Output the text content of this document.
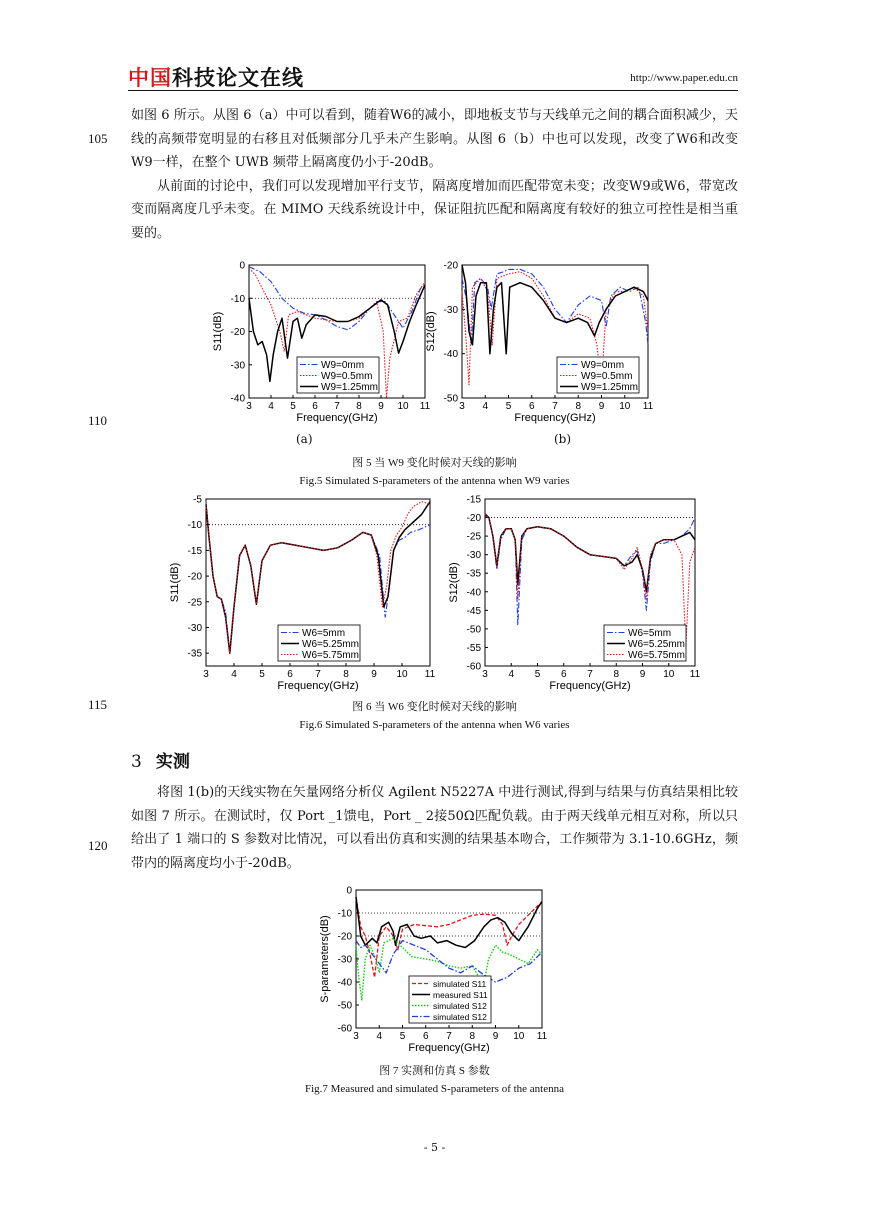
中国科技论文在线	http://www.paper.edu.cn

如图 6 所示。从图 6（a）中可以看到，随着W6的减小，即地板支节与天线单元之间的耦合面积减少，天线的高频带宽明显的右移且对低频部分几乎未产生影响。从图 6（b）中也可以发现，改变了W6和改变W9一样，在整个 UWB 频带上隔离度仍小于-20dB。

从前面的讨论中，我们可以发现增加平行支节，隔离度增加而匹配带宽未变；改变W9或W6，带宽改变而隔离度几乎未变。在 MIMO 天线系统设计中，保证阻抗匹配和隔离度有较好的独立可控性是相当重要的。

105
110
115
120
3 4 5 6 7 8 9 10 11
-40
-30
-20
-10
0
Frequency(GHz)
S11(dB)
W9=0mm
W9=0.5mm
W9=1.25mm
3 4 5 6 7 8 9 10 11
-50
-40
-30
-20
Frequency(GHz)
S12(dB)
W9=0mm
W9=0.5mm
W9=1.25mm
(a)	(b)
图 5 当 W9 变化时候对天线的影响
Fig.5 Simulated S-parameters of the antenna when W9 varies
3 4 5 6 7 8 9 10 11
-35
-30
-25
-20
-15
-10
-5
Frequency(GHz)
S11(dB)
W6=5mm
W6=5.25mm
W6=5.75mm
3 4 5 6 7 8 9 10 11
-60
-55
-50
-45
-40
-35
-30
-25
-20
-15
Frequency(GHz)
S12(dB)
W6=5mm
W6=5.25mm
W6=5.75mm
图 6 当 W6 变化时候对天线的影响
Fig.6 Simulated S-parameters of the antenna when W6 varies
3 实测

将图 1(b)的天线实物在矢量网络分析仪 Agilent N5227A 中进行测试,得到与结果与仿真结果相比较如图 7 所示。在测试时，仅 Port _1馈电，Port _ 2接50Ω匹配负载。由于两天线单元相互对称，所以只给出了 1 端口的 S 参数对比情况，可以看出仿真和实测的结果基本吻合，工作频带为 3.1-10.6GHz，频带内的隔离度均小于-20dB。

3 4 5 6 7 8 9 10 11
-60
-50
-40
-30
-20
-10
0
Frequency(GHz)
S-parameters(dB)	simulated S11
measured S11
simulated S12
simulated S12
图 7 实测和仿真 S 参数
Fig.7 Measured and simulated S-parameters of the antenna
- 5 -
